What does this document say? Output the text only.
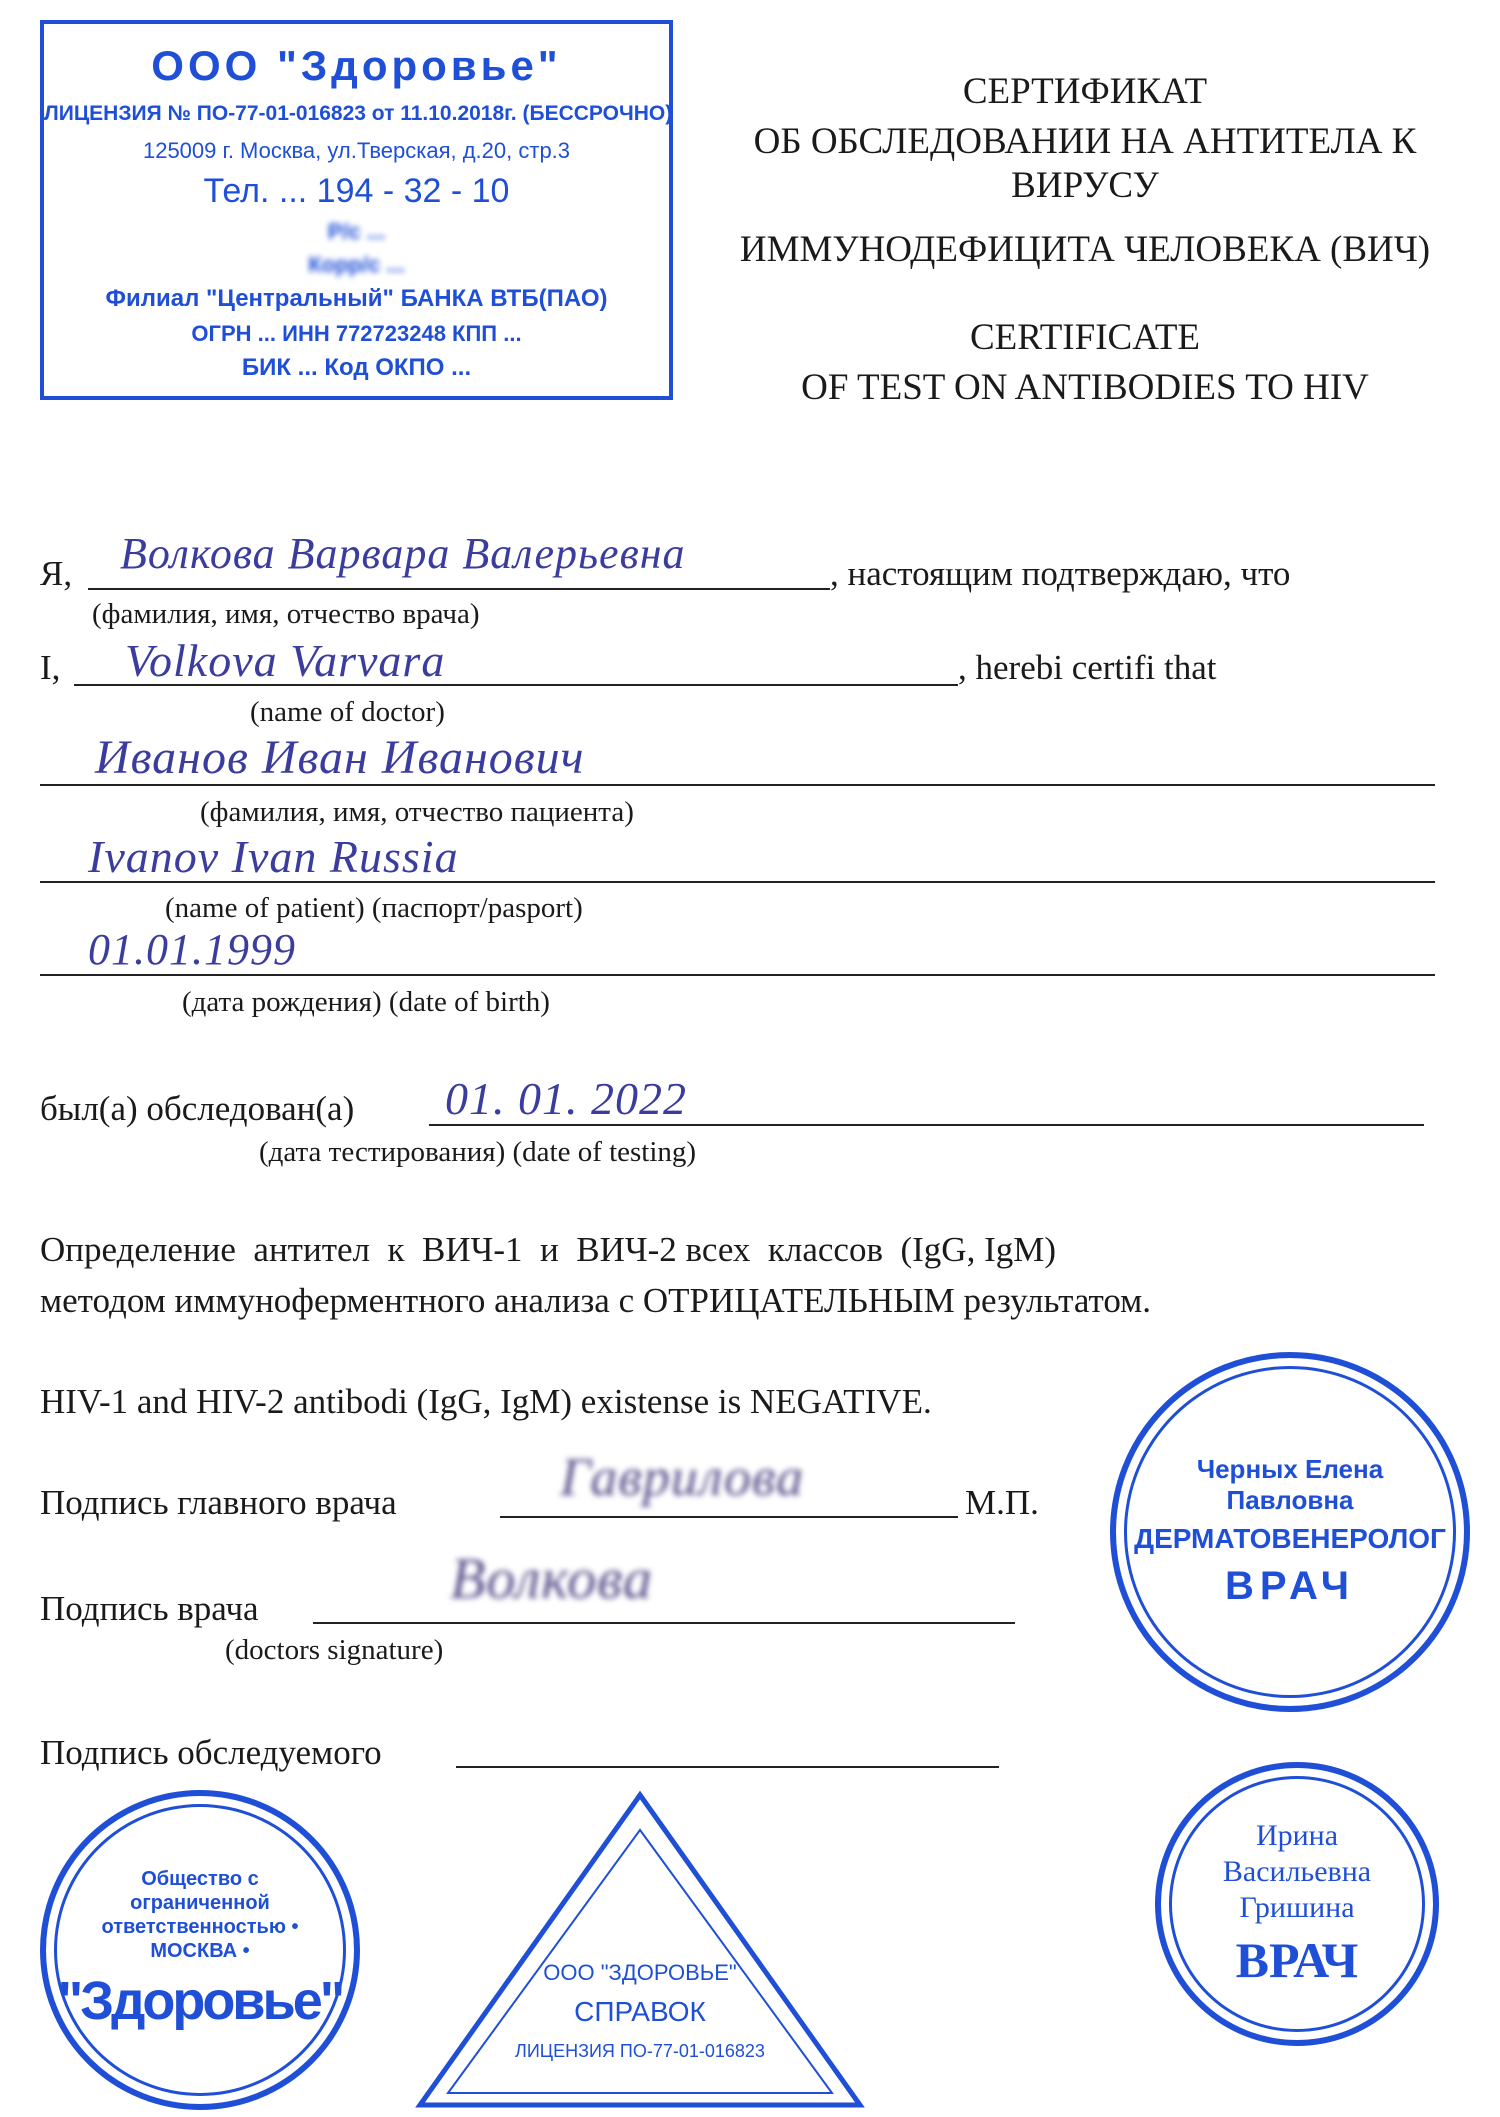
ООО "Здоровье"
ЛИЦЕНЗИЯ № ПО-77-01-016823 от 11.10.2018г. (БЕССРОЧНО)
125009 г. Москва, ул.Тверская, д.20, стр.3
Тел. ... 194 - 32 - 10
Р/с ...
Корр/с ...
Филиал "Центральный" БАНКА ВТБ(ПАО)
ОГРН ... ИНН 772723248 КПП ...
БИК ... Код ОКПО ...
СЕРТИФИКАТ
ОБ ОБСЛЕДОВАНИИ НА АНТИТЕЛА К ВИРУСУ
ИММУНОДЕФИЦИТА ЧЕЛОВЕКА (ВИЧ)
CERTIFICATE
OF TEST ON ANTIBODIES TO HIV
Я, Волкова Варвара Валерьевна	, настоящим подтверждаю, что
(фамилия, имя, отчество врача)
I, Volkova Varvara	, herebi certifi that
(name of doctor)
Иванов Иван Иванович
(фамилия, имя, отчество пациента)
Ivanov Ivan Russia
(name of patient) (паспорт/pasport)
01.01.1999
(дата рождения) (date of birth)
был(а) обследован(а) 01. 01. 2022
(дата тестирования) (date of testing)
Определение  антител  к  ВИЧ-1  и  ВИЧ-2 всех  классов  (IgG, IgM)
методом иммуноферментного анализа с ОТРИЦАТЕЛЬНЫМ результатом.
HIV-1 and HIV-2 antibodi (IgG, IgM) existense is NEGATIVE.
Подпись главного врача	Гаврилова	М.П.
Подпись врача	Волкова
(doctors signature)
Подпись обследуемого
Черных Елена Павловна
ДЕРМАТОВЕНЕРОЛОГ
ВРАЧ
Ирина Васильевна Гришина
ВРАЧ
Общество с ограниченной ответственностью • МОСКВА •
"Здоровье"	ООО "ЗДОРОВЬЕ"
СПРАВОК
ЛИЦЕНЗИЯ ПО-77-01-016823
